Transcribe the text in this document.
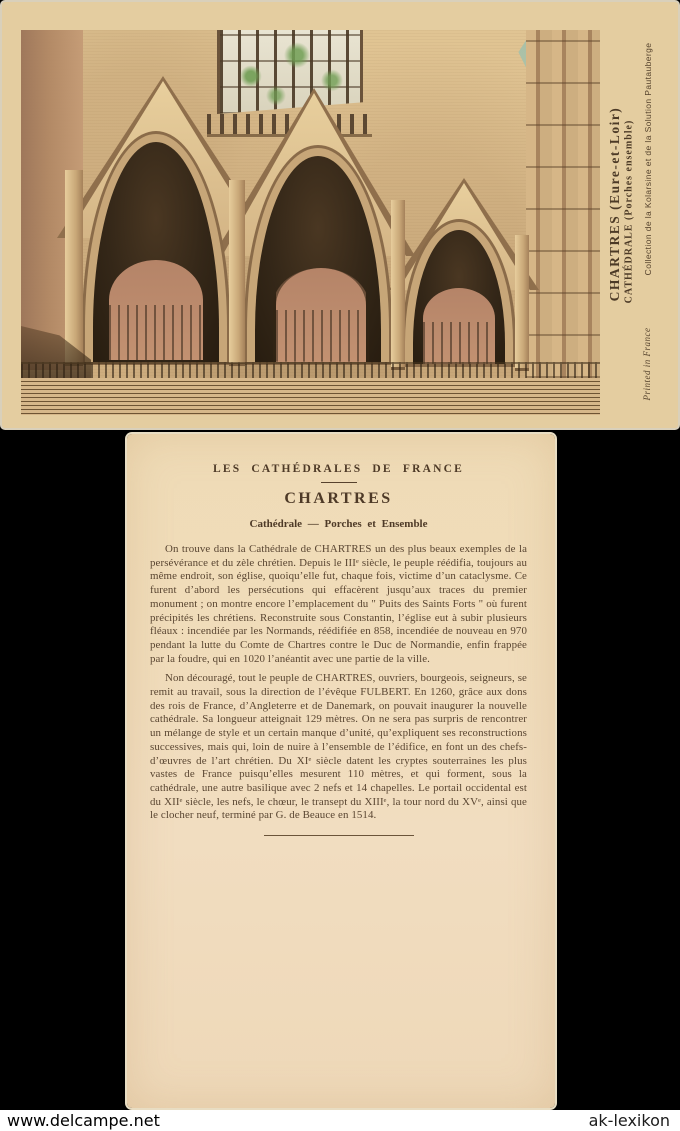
CHARTRES (Eure-et-Loir) CATHÉDRALE (Porches ensemble) Collection de la Kolarsine et de la Solution Pautauberge
Printed in France
LES CATHÉDRALES DE FRANCE
CHARTRES
Cathédrale — Porches et Ensemble

On trouve dans la Cathédrale de CHARTRES un des plus beaux exemples de la persévérance et du zèle chrétien. Depuis le IIIᵉ siècle, le peuple réédifia, toujours au même endroit, son église, quoiqu’elle fut, chaque fois, victime d’un cataclysme. Ce furent d’abord les persécutions qui effacèrent jusqu’aux traces du premier monument ; on montre encore l’emplacement du " Puits des Saints Forts " où furent précipités les chrétiens. Reconstruite sous Constantin, l’église eut à subir plusieurs fléaux : incendiée par les Normands, réédifiée en 858, incendiée de nouveau en 970 pendant la lutte du Comte de Chartres contre le Duc de Normandie, enfin frappée par la foudre, qui en 1020 l’anéantit avec une partie de la ville.

Non découragé, tout le peuple de CHARTRES, ouvriers, bourgeois, seigneurs, se remit au travail, sous la direction de l’évêque FULBERT. En 1260, grâce aux dons des rois de France, d’Angleterre et de Danemark, on pouvait inaugurer la nouvelle cathédrale. Sa longueur atteignait 129 mètres. On ne sera pas surpris de rencontrer un mélange de style et un certain manque d’unité, qu’expliquent ses reconstructions successives, mais qui, loin de nuire à l’ensemble de l’édifice, en font un des chefs-d’œuvres de l’art chrétien. Du XIᵉ siècle datent les cryptes souterraines les plus vastes de France puisqu’elles mesurent 110 mètres, et qui forment, sous la cathédrale, une autre basilique avec 2 nefs et 14 chapelles. Le portail occidental est du XIIᵉ siècle, les nefs, le chœur, le transept du XIIIᵉ, la tour nord du XVᵉ, ainsi que le clocher neuf, terminé par G. de Beauce en 1514.

www.delcampe.net	ak-lexikon
